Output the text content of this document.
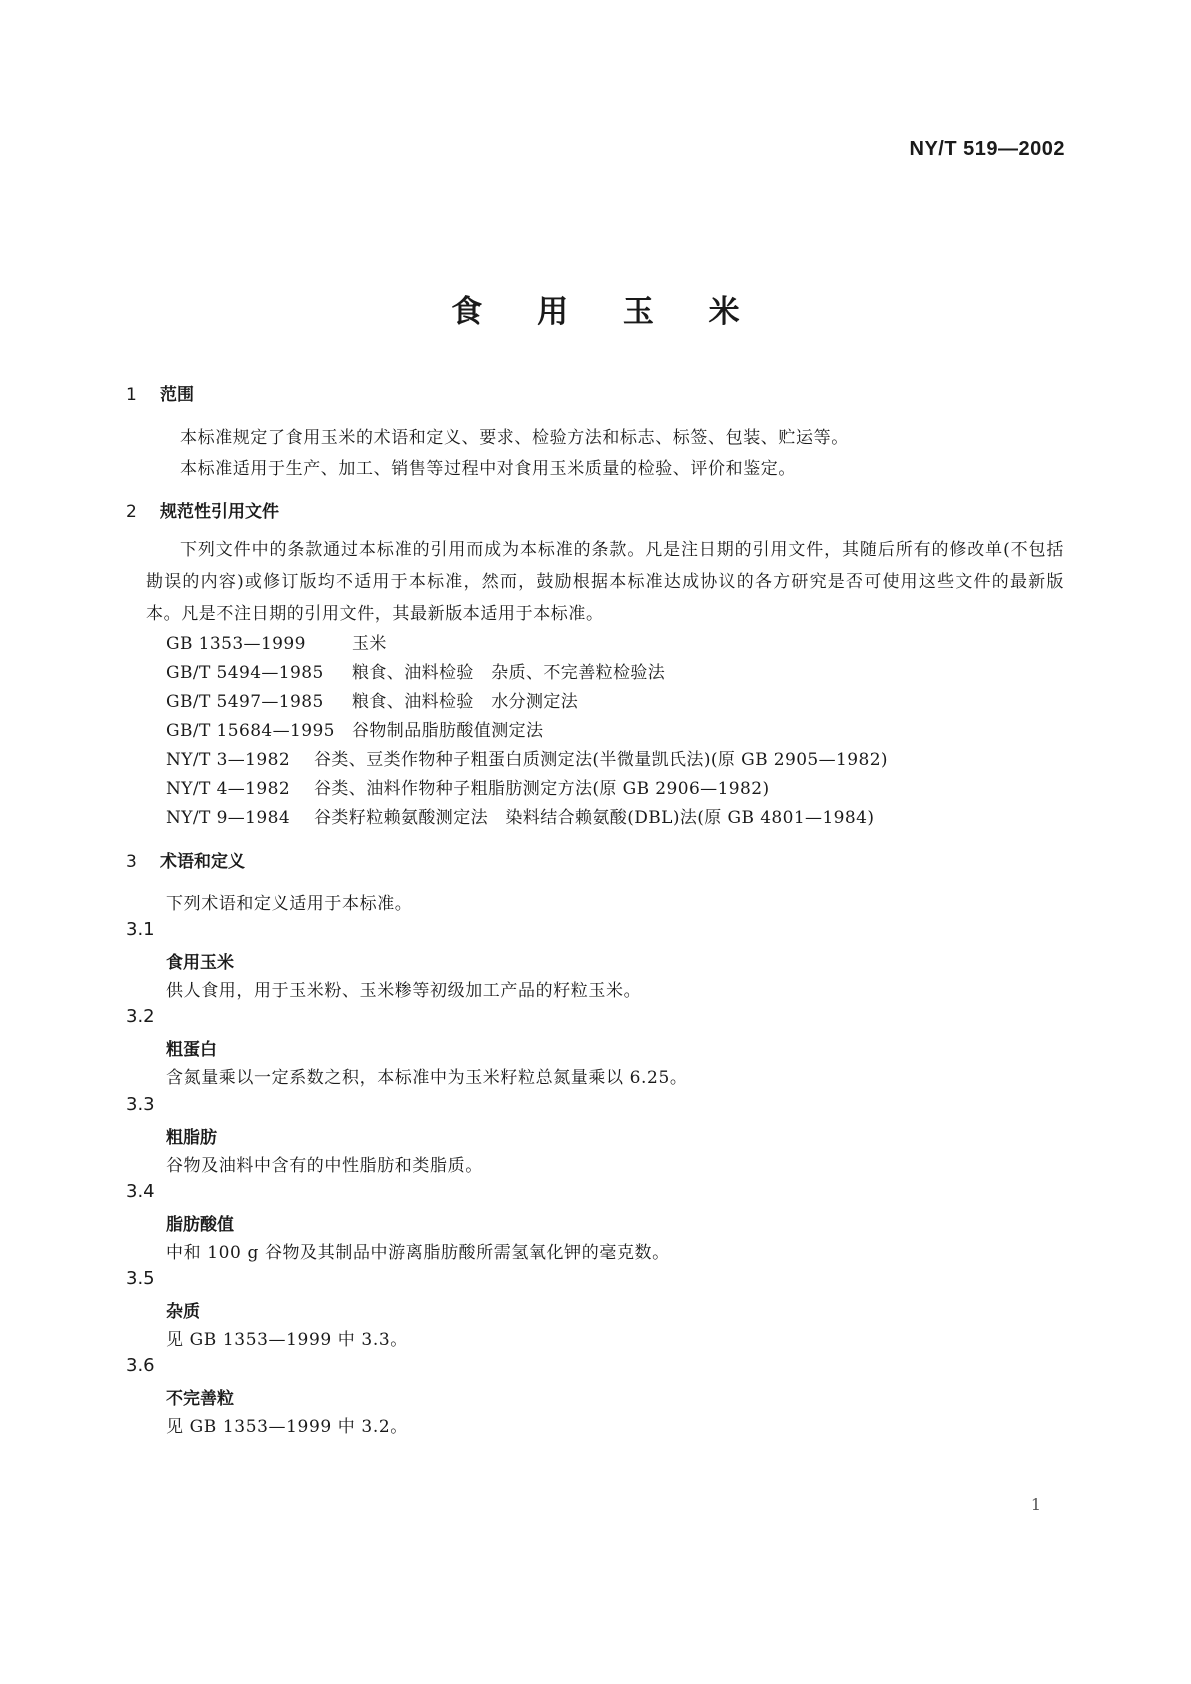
NY/T 519—2002
食 用 玉 米
1 范围
本标准规定了食用玉米的术语和定义、要求、检验方法和标志、标签、包装、贮运等。
本标准适用于生产、加工、销售等过程中对食用玉米质量的检验、评价和鉴定。
2 规范性引用文件
下列文件中的条款通过本标准的引用而成为本标准的条款。凡是注日期的引用文件，其随后所有的修改单(不包括勘误的内容)或修订版均不适用于本标准，然而，鼓励根据本标准达成协议的各方研究是否可使用这些文件的最新版本。凡是不注日期的引用文件，其最新版本适用于本标准。
GB 1353—1999	玉米
GB/T 5494—1985 粮食、油料检验　杂质、不完善粒检验法
GB/T 5497—1985 粮食、油料检验　水分测定法
GB/T 15684—1995 谷物制品脂肪酸值测定法
NY/T 3—1982 谷类、豆类作物种子粗蛋白质测定法(半微量凯氏法)(原 GB 2905—1982)
NY/T 4—1982 谷类、油料作物种子粗脂肪测定方法(原 GB 2906—1982)
NY/T 9—1984 谷类籽粒赖氨酸测定法　染料结合赖氨酸(DBL)法(原 GB 4801—1984)
3 术语和定义
下列术语和定义适用于本标准。
3.1
食用玉米
供人食用，用于玉米粉、玉米糁等初级加工产品的籽粒玉米。
3.2
粗蛋白
含氮量乘以一定系数之积，本标准中为玉米籽粒总氮量乘以 6.25。
3.3
粗脂肪
谷物及油料中含有的中性脂肪和类脂质。
3.4
脂肪酸值
中和 100 g 谷物及其制品中游离脂肪酸所需氢氧化钾的毫克数。
3.5
杂质
见 GB 1353—1999 中 3.3。
3.6
不完善粒
见 GB 1353—1999 中 3.2。
1
